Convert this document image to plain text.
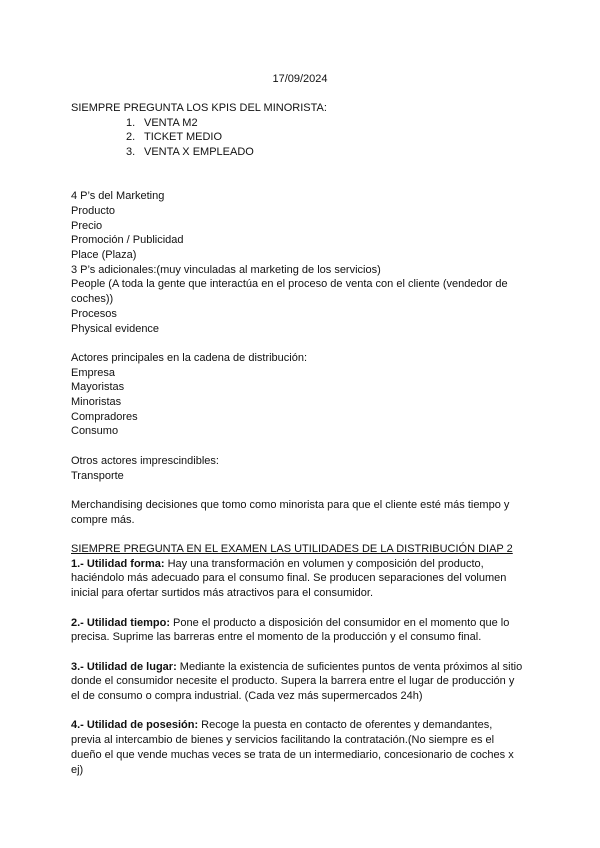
17/09/2024
SIEMPRE PREGUNTA LOS KPIS DEL MINORISTA:
1. VENTA M2
2. TICKET MEDIO
3. VENTA X EMPLEADO
4 P’s del Marketing
Producto
Precio
Promoción / Publicidad
Place (Plaza)
3 P’s adicionales:(muy vinculadas al marketing de los servicios)
People (A toda la gente que interactúa en el proceso de venta con el cliente (vendedor de coches))
Procesos
Physical evidence
Actores principales en la cadena de distribución:
Empresa
Mayoristas
Minoristas
Compradores
Consumo
Otros actores imprescindibles:
Transporte
Merchandising decisiones que tomo como minorista para que el cliente esté más tiempo y compre más.
SIEMPRE PREGUNTA EN EL EXAMEN LAS UTILIDADES DE LA DISTRIBUCIÓN DIAP 2
1.- Utilidad forma: Hay una transformación en volumen y composición del producto, haciéndolo más adecuado para el consumo final. Se producen separaciones del volumen inicial para ofertar surtidos más atractivos para el consumidor.
2.- Utilidad tiempo: Pone el producto a disposición del consumidor en el momento que lo precisa. Suprime las barreras entre el momento de la producción y el consumo final.
3.- Utilidad de lugar: Mediante la existencia de suficientes puntos de venta próximos al sitio donde el consumidor necesite el producto. Supera la barrera entre el lugar de producción y el de consumo o compra industrial. (Cada vez más supermercados 24h)
4.- Utilidad de posesión: Recoge la puesta en contacto de oferentes y demandantes, previa al intercambio de bienes y servicios facilitando la contratación.(No siempre es el dueño el que vende muchas veces se trata de un intermediario, concesionario de coches x ej)
